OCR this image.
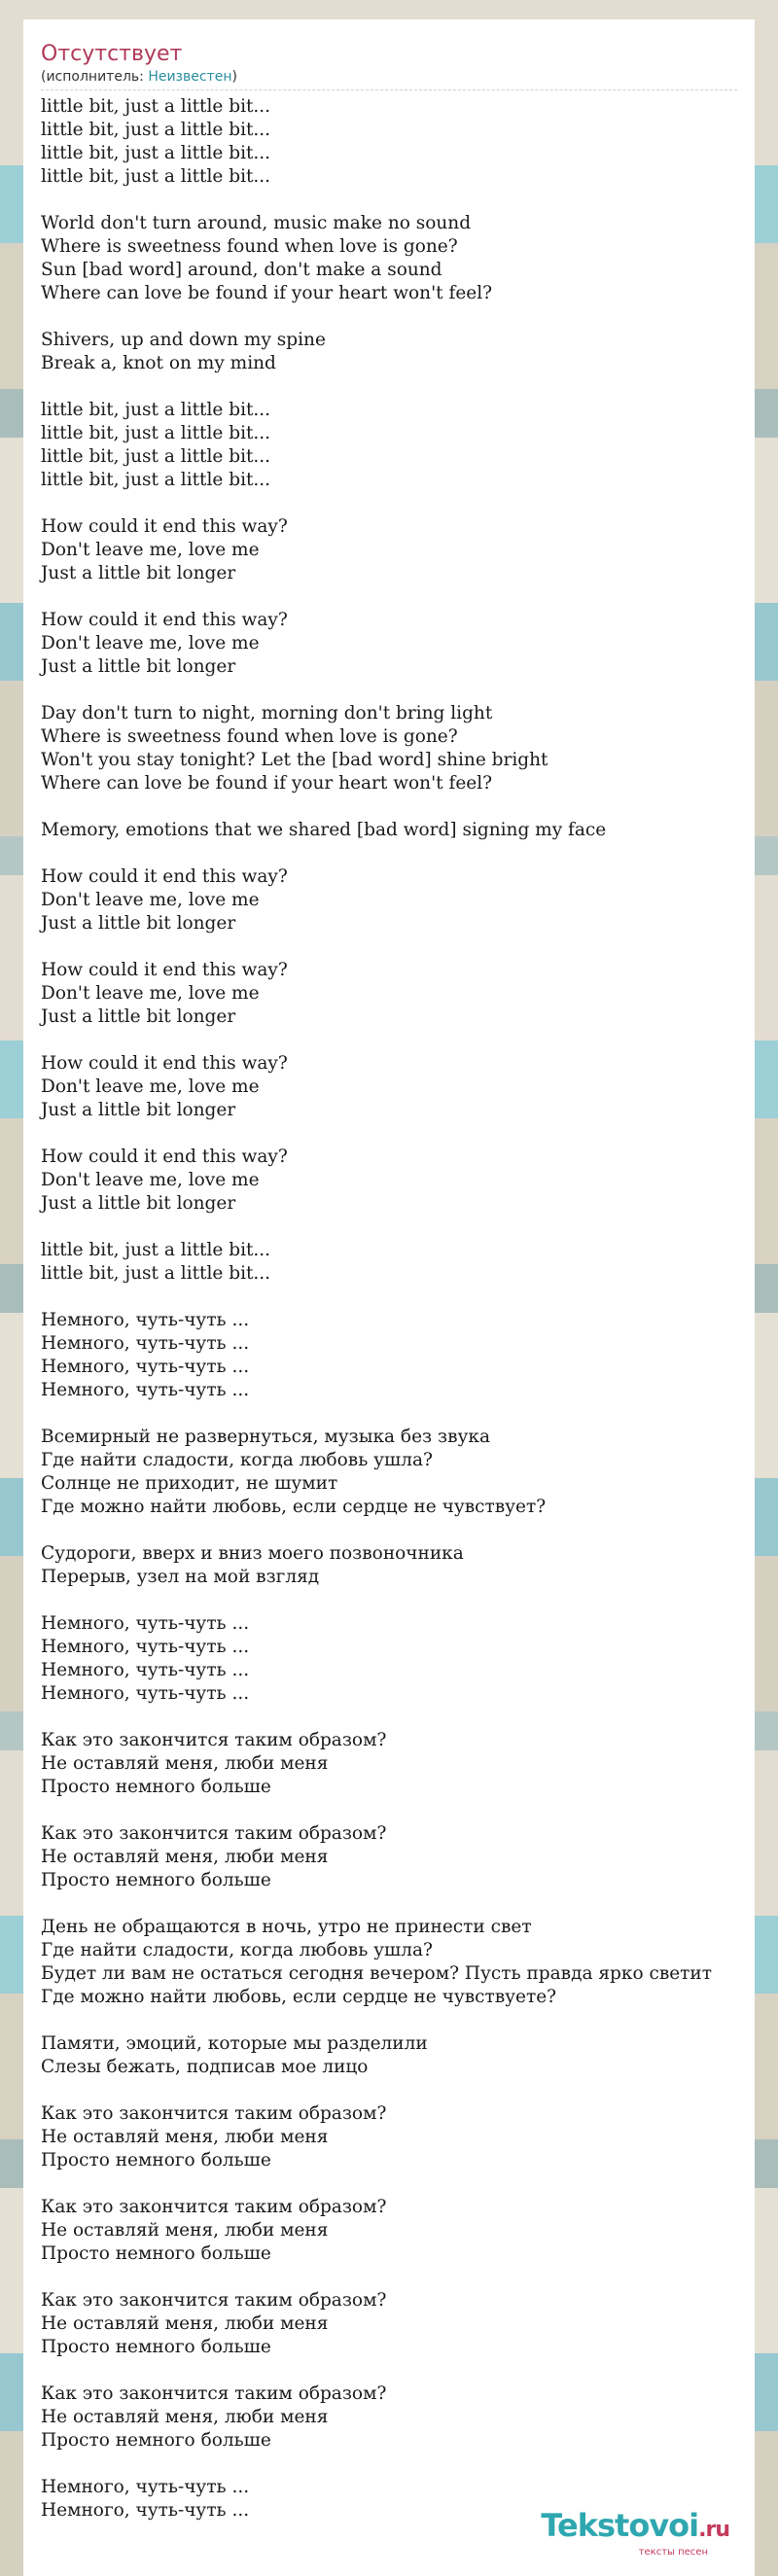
Отсутствует
(исполнитель: Неизвестен)
little bit, just a little bit...
little bit, just a little bit...
little bit, just a little bit...
little bit, just a little bit...
World don't turn around, music make no sound
Where is sweetness found when love is gone?
Sun [bad word] around, don't make a sound
Where can love be found if your heart won't feel?
Shivers, up and down my spine
Break a, knot on my mind
little bit, just a little bit...
little bit, just a little bit...
little bit, just a little bit...
little bit, just a little bit...
How could it end this way?
Don't leave me, love me
Just a little bit longer
How could it end this way?
Don't leave me, love me
Just a little bit longer
Day don't turn to night, morning don't bring light
Where is sweetness found when love is gone?
Won't you stay tonight? Let the [bad word] shine bright
Where can love be found if your heart won't feel?
Memory, emotions that we shared [bad word] signing my face
How could it end this way?
Don't leave me, love me
Just a little bit longer
How could it end this way?
Don't leave me, love me
Just a little bit longer
How could it end this way?
Don't leave me, love me
Just a little bit longer
How could it end this way?
Don't leave me, love me
Just a little bit longer
little bit, just a little bit...
little bit, just a little bit...
Немного, чуть-чуть ...
Немного, чуть-чуть ...
Немного, чуть-чуть ...
Немного, чуть-чуть ...
Всемирный не развернуться, музыка без звука
Где найти сладости, когда любовь ушла?
Солнце не приходит, не шумит
Где можно найти любовь, если сердце не чувствует?
Судороги, вверх и вниз моего позвоночника
Перерыв, узел на мой взгляд
Немного, чуть-чуть ...
Немного, чуть-чуть ...
Немного, чуть-чуть ...
Немного, чуть-чуть ...
Как это закончится таким образом?
Не оставляй меня, люби меня
Просто немного больше
Как это закончится таким образом?
Не оставляй меня, люби меня
Просто немного больше
День не обращаются в ночь, утро не принести свет
Где найти сладости, когда любовь ушла?
Будет ли вам не остаться сегодня вечером? Пусть правда ярко светит
Где можно найти любовь, если сердце не чувствуете?
Памяти, эмоций, которые мы разделили
Слезы бежать, подписав мое лицо
Как это закончится таким образом?
Не оставляй меня, люби меня
Просто немного больше
Как это закончится таким образом?
Не оставляй меня, люби меня
Просто немного больше
Как это закончится таким образом?
Не оставляй меня, люби меня
Просто немного больше
Как это закончится таким образом?
Не оставляй меня, люби меня
Просто немного больше
Немного, чуть-чуть ...
Немного, чуть-чуть ...	Tekstovoi.ru
тексты песен
